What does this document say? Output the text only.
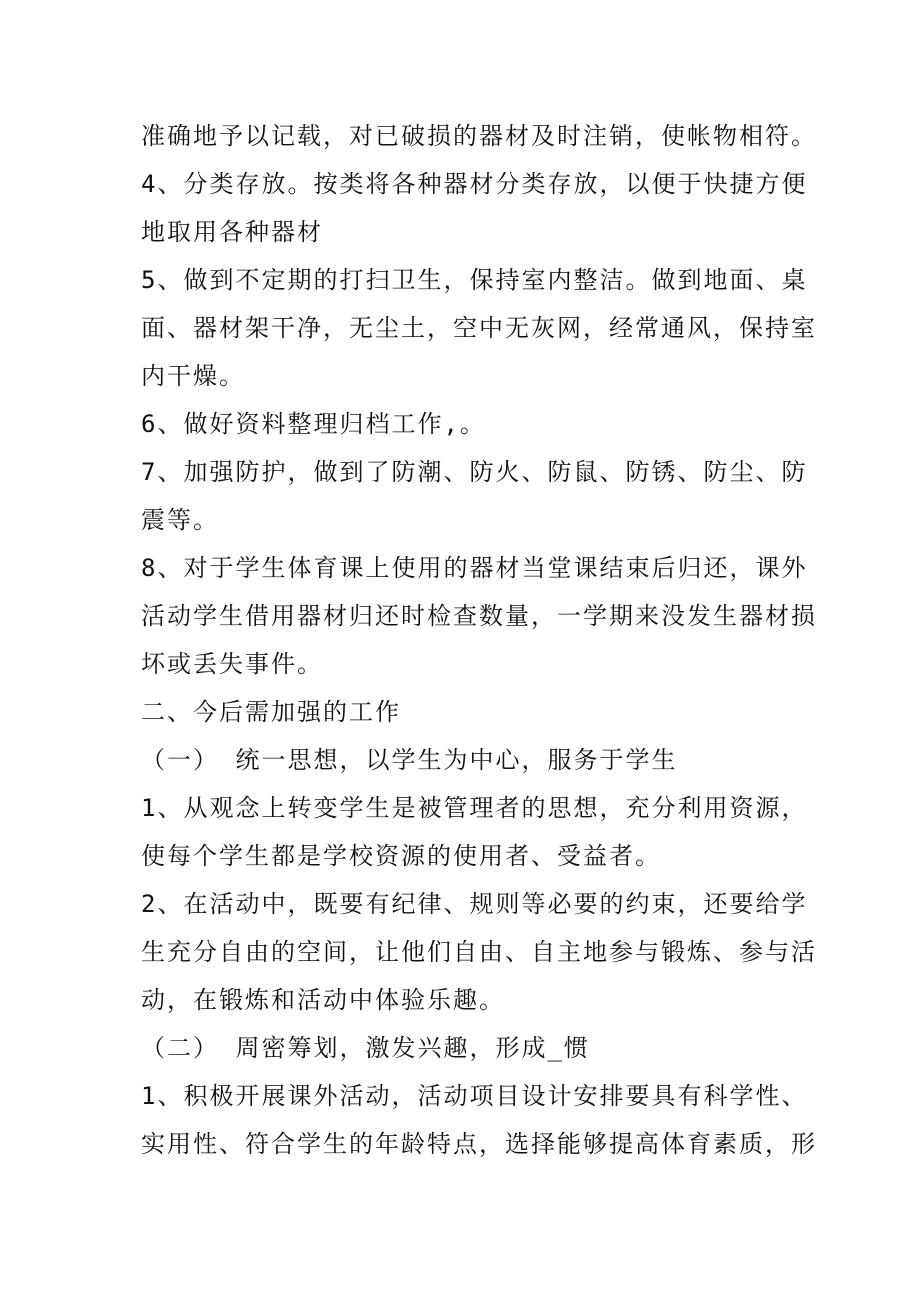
准确地予以记载，对已破损的器材及时注销，使帐物相符。
4、分类存放。按类将各种器材分类存放，以便于快捷方便
地取用各种器材
5、做到不定期的打扫卫生，保持室内整洁。做到地面、桌
面、器材架干净，无尘土，空中无灰网，经常通风，保持室
内干燥。
6、做好资料整理归档工作,。
7、加强防护，做到了防潮、防火、防鼠、防锈、防尘、防
震等。
8、对于学生体育课上使用的器材当堂课结束后归还，课外
活动学生借用器材归还时检查数量，一学期来没发生器材损
坏或丢失事件。
二、今后需加强的工作
（一） 统一思想，以学生为中心，服务于学生
1、从观念上转变学生是被管理者的思想，充分利用资源，
使每个学生都是学校资源的使用者、受益者。
2、在活动中，既要有纪律、规则等必要的约束，还要给学
生充分自由的空间，让他们自由、自主地参与锻炼、参与活
动，在锻炼和活动中体验乐趣。
（二） 周密筹划，激发兴趣，形成_惯
1、积极开展课外活动，活动项目设计安排要具有科学性、
实用性、符合学生的年龄特点，选择能够提高体育素质，形
